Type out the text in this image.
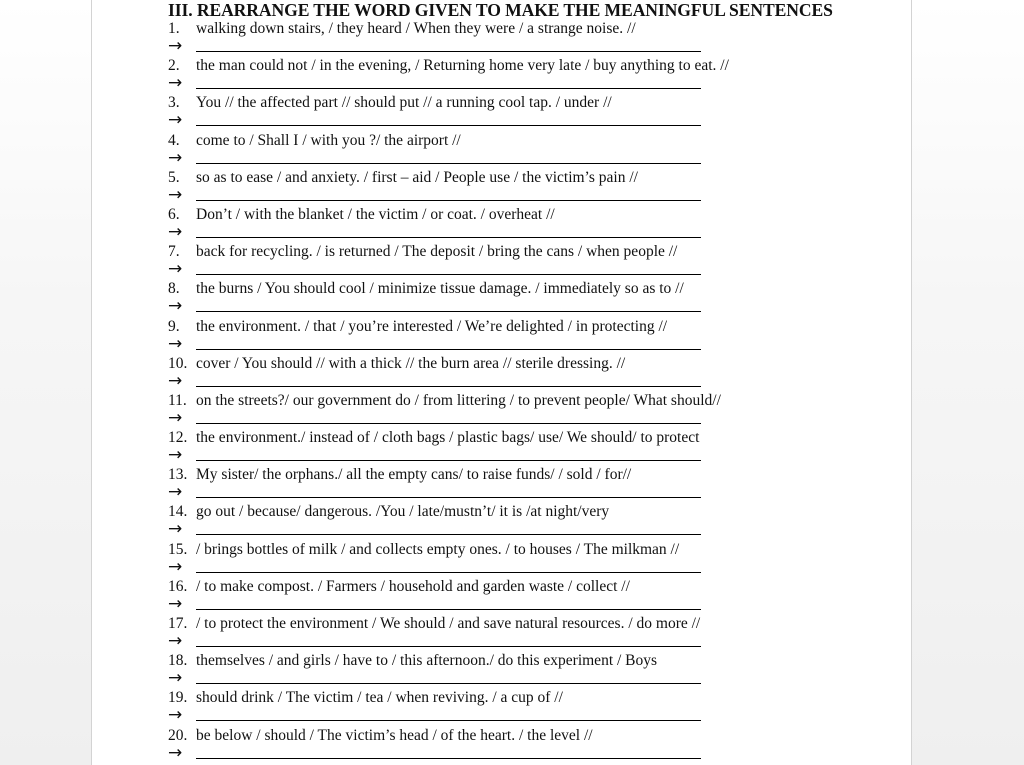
III. REARRANGE THE WORD GIVEN TO MAKE THE MEANINGFUL SENTENCES
1.	walking down stairs, / they heard / When they were / a strange noise. //
→
2.	the man could not / in the evening, / Returning home very late / buy anything to eat. //
→
3.	You // the affected part // should put // a running cool tap. / under //
→
4.	come to / Shall I / with you ?/ the airport //
→
5.	so as to ease / and anxiety. / first – aid / People use / the victim’s pain //
→
6.	Don’t / with the blanket / the victim / or coat. / overheat //
→
7.	back for recycling. / is returned / The deposit / bring the cans / when people //
→
8.	the burns / You should cool / minimize tissue damage. / immediately so as to //
→
9.	the environment. / that / you’re interested / We’re delighted / in protecting //
→
10. cover / You should // with a thick // the burn area // sterile dressing. //
→
11. on the streets?/ our government do / from littering / to prevent people/ What should//
→
12. the environment./ instead of / cloth bags / plastic bags/ use/ We should/ to protect
→
13. My sister/ the orphans./ all the empty cans/ to raise funds/ / sold / for//
→
14. go out / because/ dangerous. /You / late/mustn’t/ it is /at night/very
→
15. / brings bottles of milk / and collects empty ones. / to houses / The milkman //
→
16. / to make compost. / Farmers / household and garden waste / collect //
→
17. / to protect the environment / We should / and save natural resources. / do more //
→
18. themselves / and girls / have to / this afternoon./ do this experiment / Boys
→
19. should drink / The victim / tea / when reviving. / a cup of //
→
20. be below / should / The victim’s head / of the heart. / the level //
→
